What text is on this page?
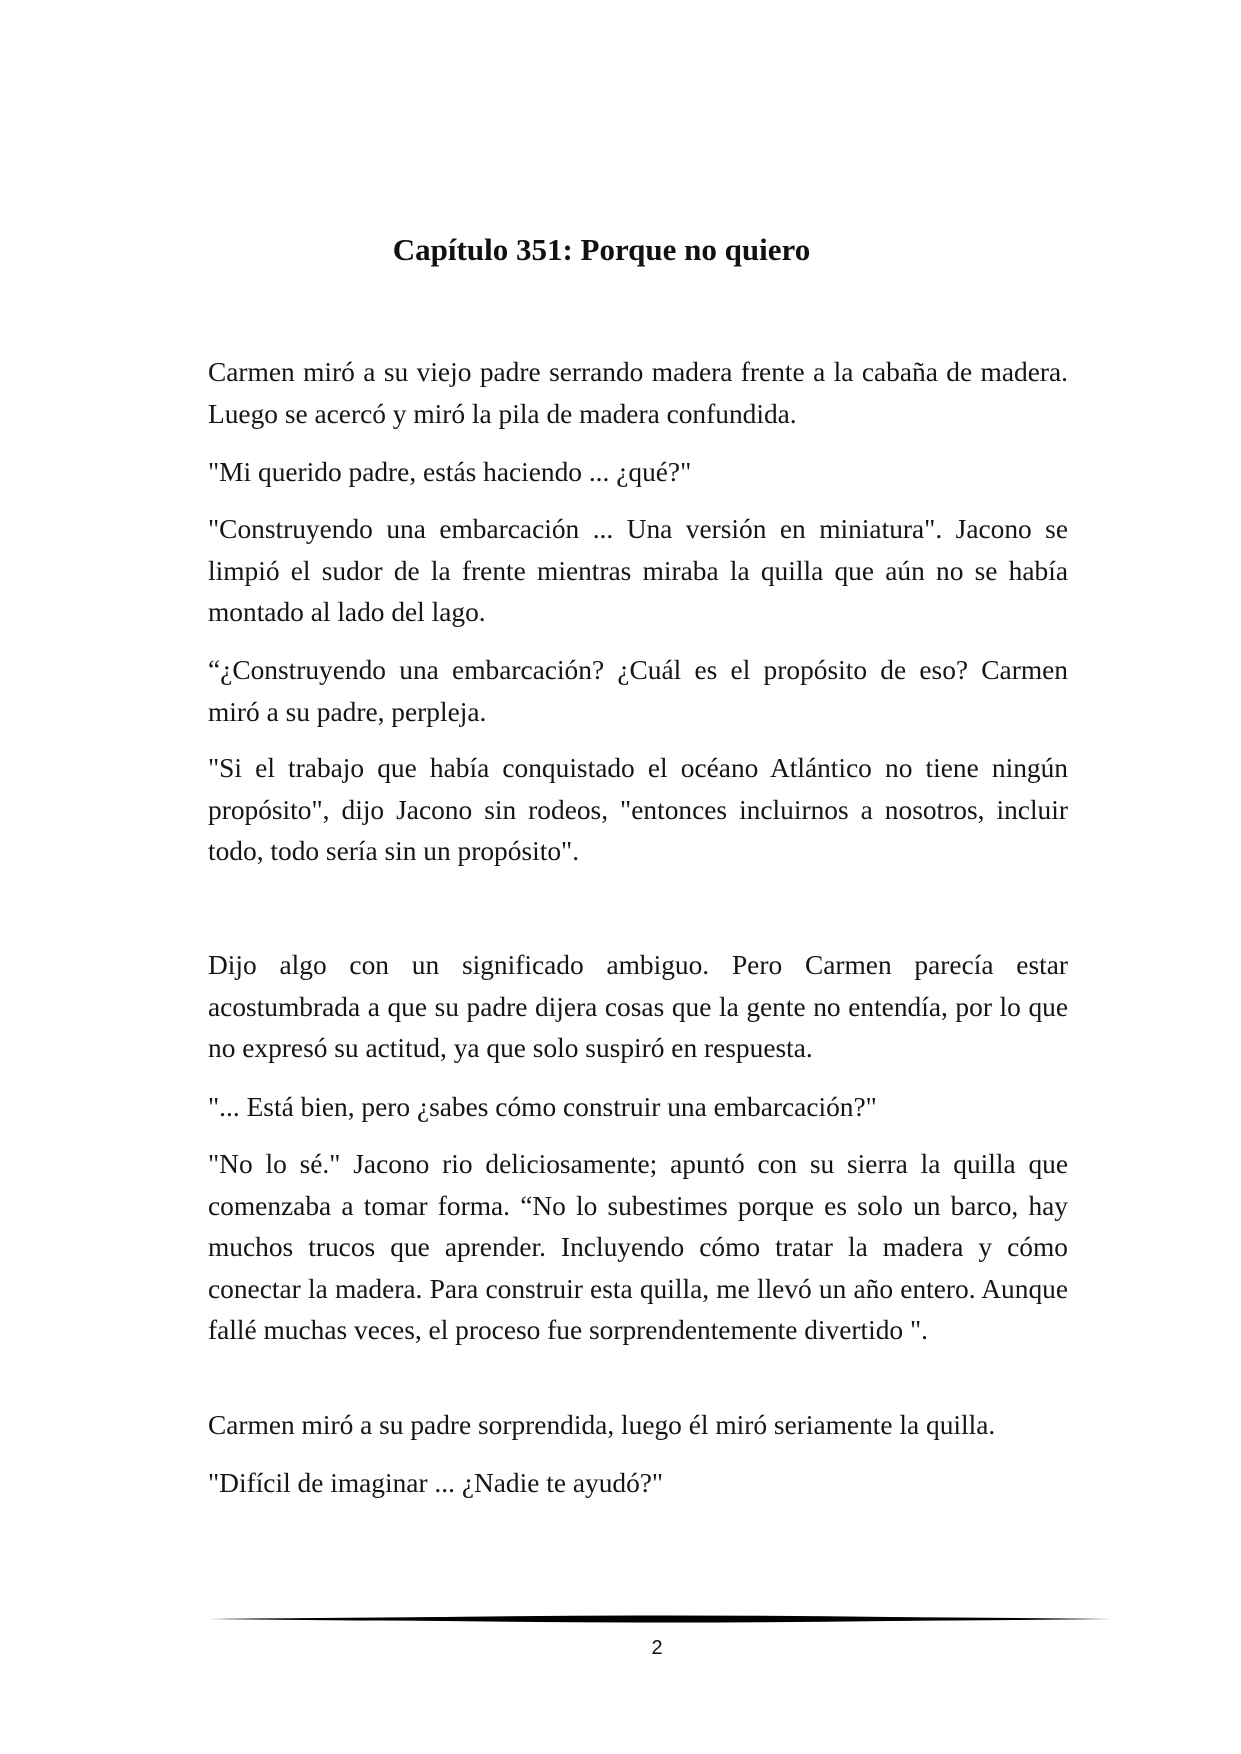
Capítulo 351: Porque no quiero

Carmen miró a su viejo padre serrando madera frente a la cabaña de madera. Luego se acercó y miró la pila de madera confundida.

"Mi querido padre, estás haciendo ... ¿qué?"

"Construyendo una embarcación ... Una versión en miniatura". Jacono se limpió el sudor de la frente mientras miraba la quilla que aún no se había montado al lado del lago.

“¿Construyendo una embarcación? ¿Cuál es el propósito de eso? Carmen miró a su padre, perpleja.

"Si el trabajo que había conquistado el océano Atlántico no tiene ningún propósito", dijo Jacono sin rodeos, "entonces incluirnos a nosotros, incluir todo, todo sería sin un propósito".

Dijo algo con un significado ambiguo. Pero Carmen parecía estar acostumbrada a que su padre dijera cosas que la gente no entendía, por lo que no expresó su actitud, ya que solo suspiró en respuesta.

"... Está bien, pero ¿sabes cómo construir una embarcación?"

"No lo sé." Jacono rio deliciosamente; apuntó con su sierra la quilla que comenzaba a tomar forma. “No lo subestimes porque es solo un barco, hay muchos trucos que aprender. Incluyendo cómo tratar la madera y cómo conectar la madera. Para construir esta quilla, me llevó un año entero. Aunque fallé muchas veces, el proceso fue sorprendentemente divertido ".

Carmen miró a su padre sorprendida, luego él miró seriamente la quilla.

"Difícil de imaginar ... ¿Nadie te ayudó?"

2
